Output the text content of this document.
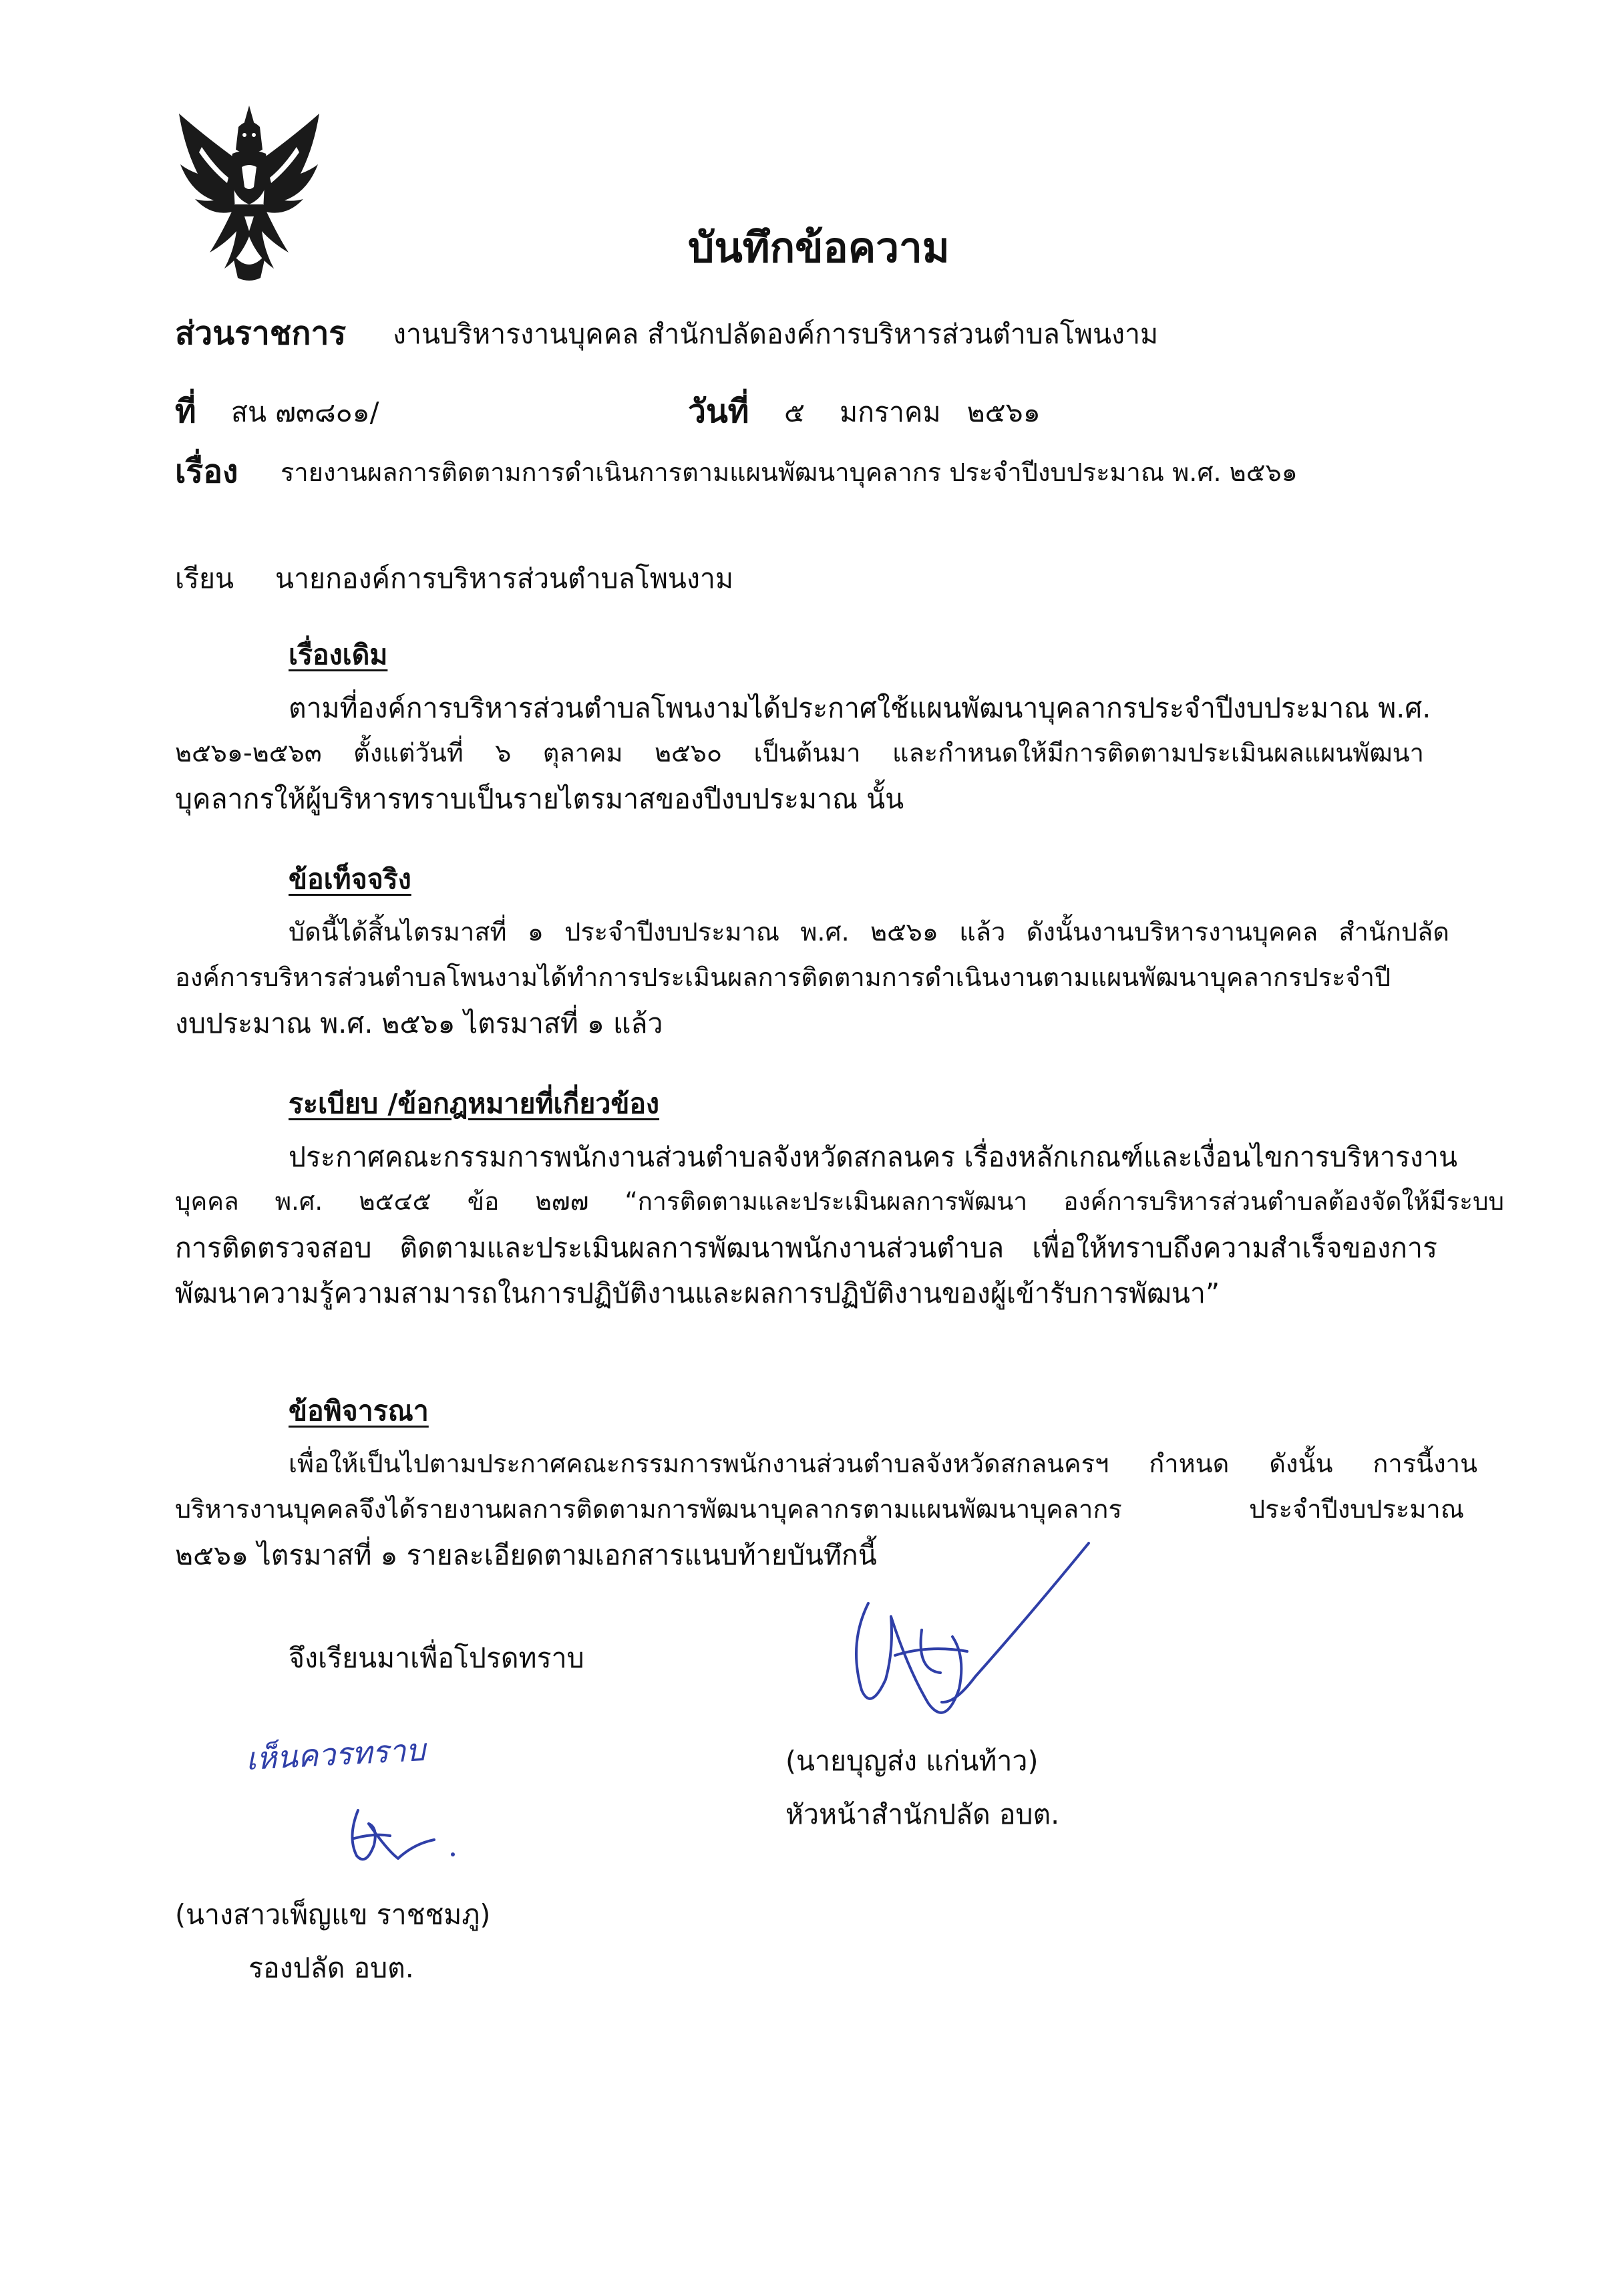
บันทึกข้อความ
ส่วนราชการ งานบริหารงานบุคคล สำนักปลัดองค์การบริหารส่วนตำบลโพนงาม
ที่ สน ๗๓๘๐๑/	วันที่ ๕    มกราคม   ๒๕๖๑
เรื่อง รายงานผลการติดตามการดำเนินการตามแผนพัฒนาบุคลากร ประจำปีงบประมาณ พ.ศ. ๒๕๖๑
เรียน นายกองค์การบริหารส่วนตำบลโพนงาม
เรื่องเดิม
ตามที่องค์การบริหารส่วนตำบลโพนงามได้ประกาศใช้แผนพัฒนาบุคลากรประจำปีงบประมาณ พ.ศ.
๒๕๖๑-๒๕๖๓ ตั้งแต่วันที่ ๖ ตุลาคม ๒๕๖๐ เป็นต้นมา และกำหนดให้มีการติดตามประเมินผลแผนพัฒนา
บุคลากรให้ผู้บริหารทราบเป็นรายไตรมาสของปีงบประมาณ นั้น
ข้อเท็จจริง
บัดนี้ได้สิ้นไตรมาสที่ ๑ ประจำปีงบประมาณ พ.ศ. ๒๕๖๑ แล้ว ดังนั้นงานบริหารงานบุคคล สำนักปลัด
องค์การบริหารส่วนตำบลโพนงามได้ทำการประเมินผลการติดตามการดำเนินงานตามแผนพัฒนาบุคลากรประจำปี
งบประมาณ พ.ศ. ๒๕๖๑ ไตรมาสที่ ๑ แล้ว
ระเบียบ /ข้อกฎหมายที่เกี่ยวข้อง
ประกาศคณะกรรมการพนักงานส่วนตำบลจังหวัดสกลนคร เรื่องหลักเกณฑ์และเงื่อนไขการบริหารงาน
บุคคล พ.ศ. ๒๕๔๕ ข้อ ๒๗๗ “การติดตามและประเมินผลการพัฒนา องค์การบริหารส่วนตำบลต้องจัดให้มีระบบ
การติดตรวจสอบ ติดตามและประเมินผลการพัฒนาพนักงานส่วนตำบล เพื่อให้ทราบถึงความสำเร็จของการ
พัฒนาความรู้ความสามารถในการปฏิบัติงานและผลการปฏิบัติงานของผู้เข้ารับการพัฒนา”
ข้อพิจารณา
เพื่อให้เป็นไปตามประกาศคณะกรรมการพนักงานส่วนตำบลจังหวัดสกลนครฯ กำหนด ดังนั้น การนี้งาน
บริหารงานบุคคลจึงได้รายงานผลการติดตามการพัฒนาบุคลากรตามแผนพัฒนาบุคลากร ประจำปีงบประมาณ
๒๕๖๑ ไตรมาสที่ ๑ รายละเอียดตามเอกสารแนบท้ายบันทึกนี้
จึงเรียนมาเพื่อโปรดทราบ
(นายบุญส่ง แก่นท้าว)
หัวหน้าสำนักปลัด อบต.
เห็นควรทราบ
(นางสาวเพ็ญแข ราชชมภู)
รองปลัด อบต.
